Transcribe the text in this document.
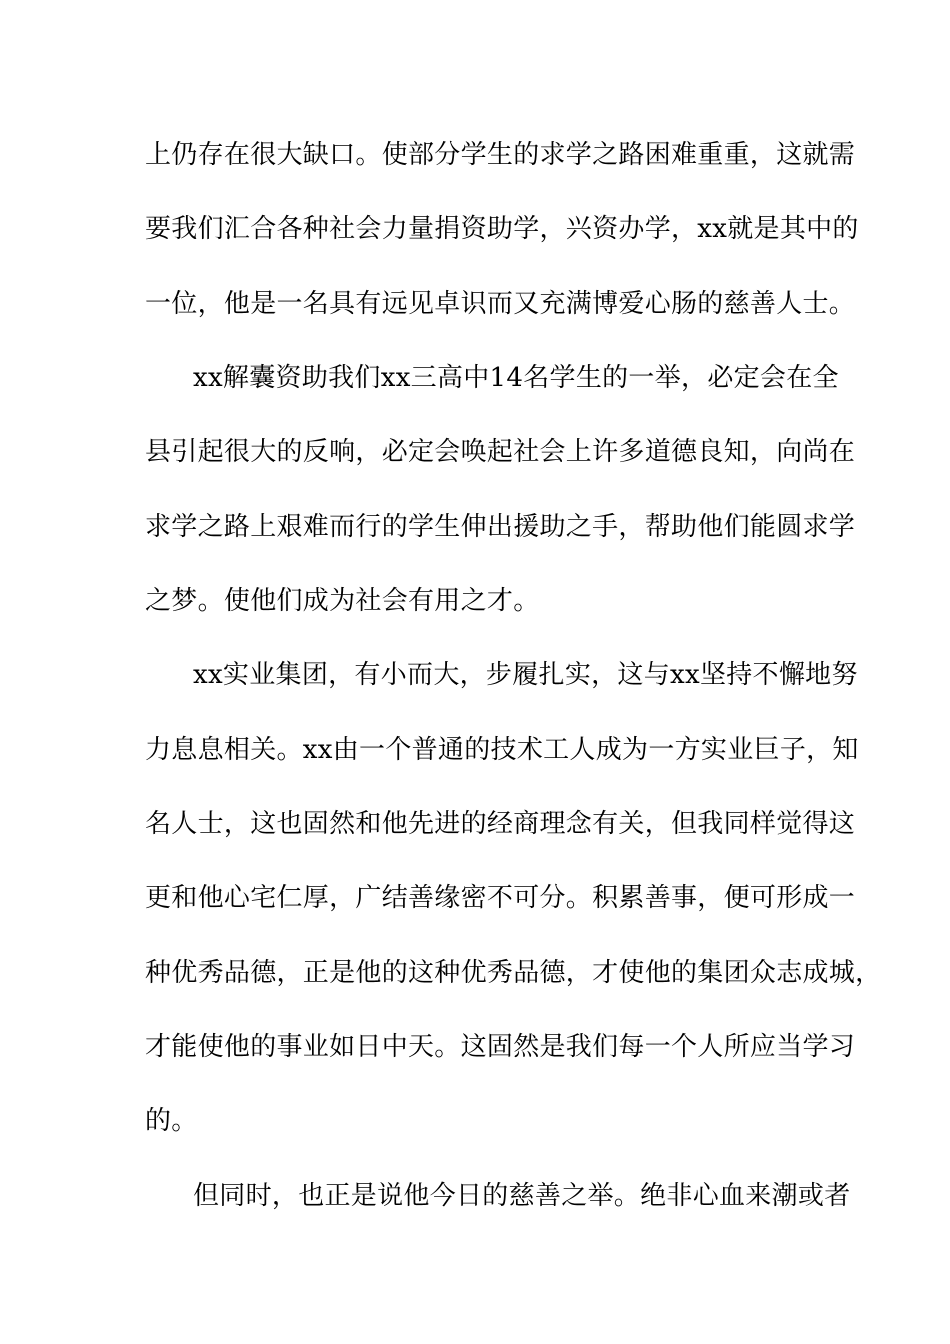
上仍存在很大缺口。使部分学生的求学之路困难重重，这就需
要我们汇合各种社会力量捐资助学，兴资办学，xx就是其中的
一位，他是一名具有远见卓识而又充满博爱心肠的慈善人士。
xx解囊资助我们xx三高中14名学生的一举，必定会在全
县引起很大的反响，必定会唤起社会上许多道德良知，向尚在
求学之路上艰难而行的学生伸出援助之手，帮助他们能圆求学
之梦。使他们成为社会有用之才。
xx实业集团，有小而大，步履扎实，这与xx坚持不懈地努
力息息相关。xx由一个普通的技术工人成为一方实业巨子，知
名人士，这也固然和他先进的经商理念有关，但我同样觉得这
更和他心宅仁厚，广结善缘密不可分。积累善事，便可形成一
种优秀品德，正是他的这种优秀品德，才使他的集团众志成城，
才能使他的事业如日中天。这固然是我们每一个人所应当学习
的。
但同时，也正是说他今日的慈善之举。绝非心血来潮或者
